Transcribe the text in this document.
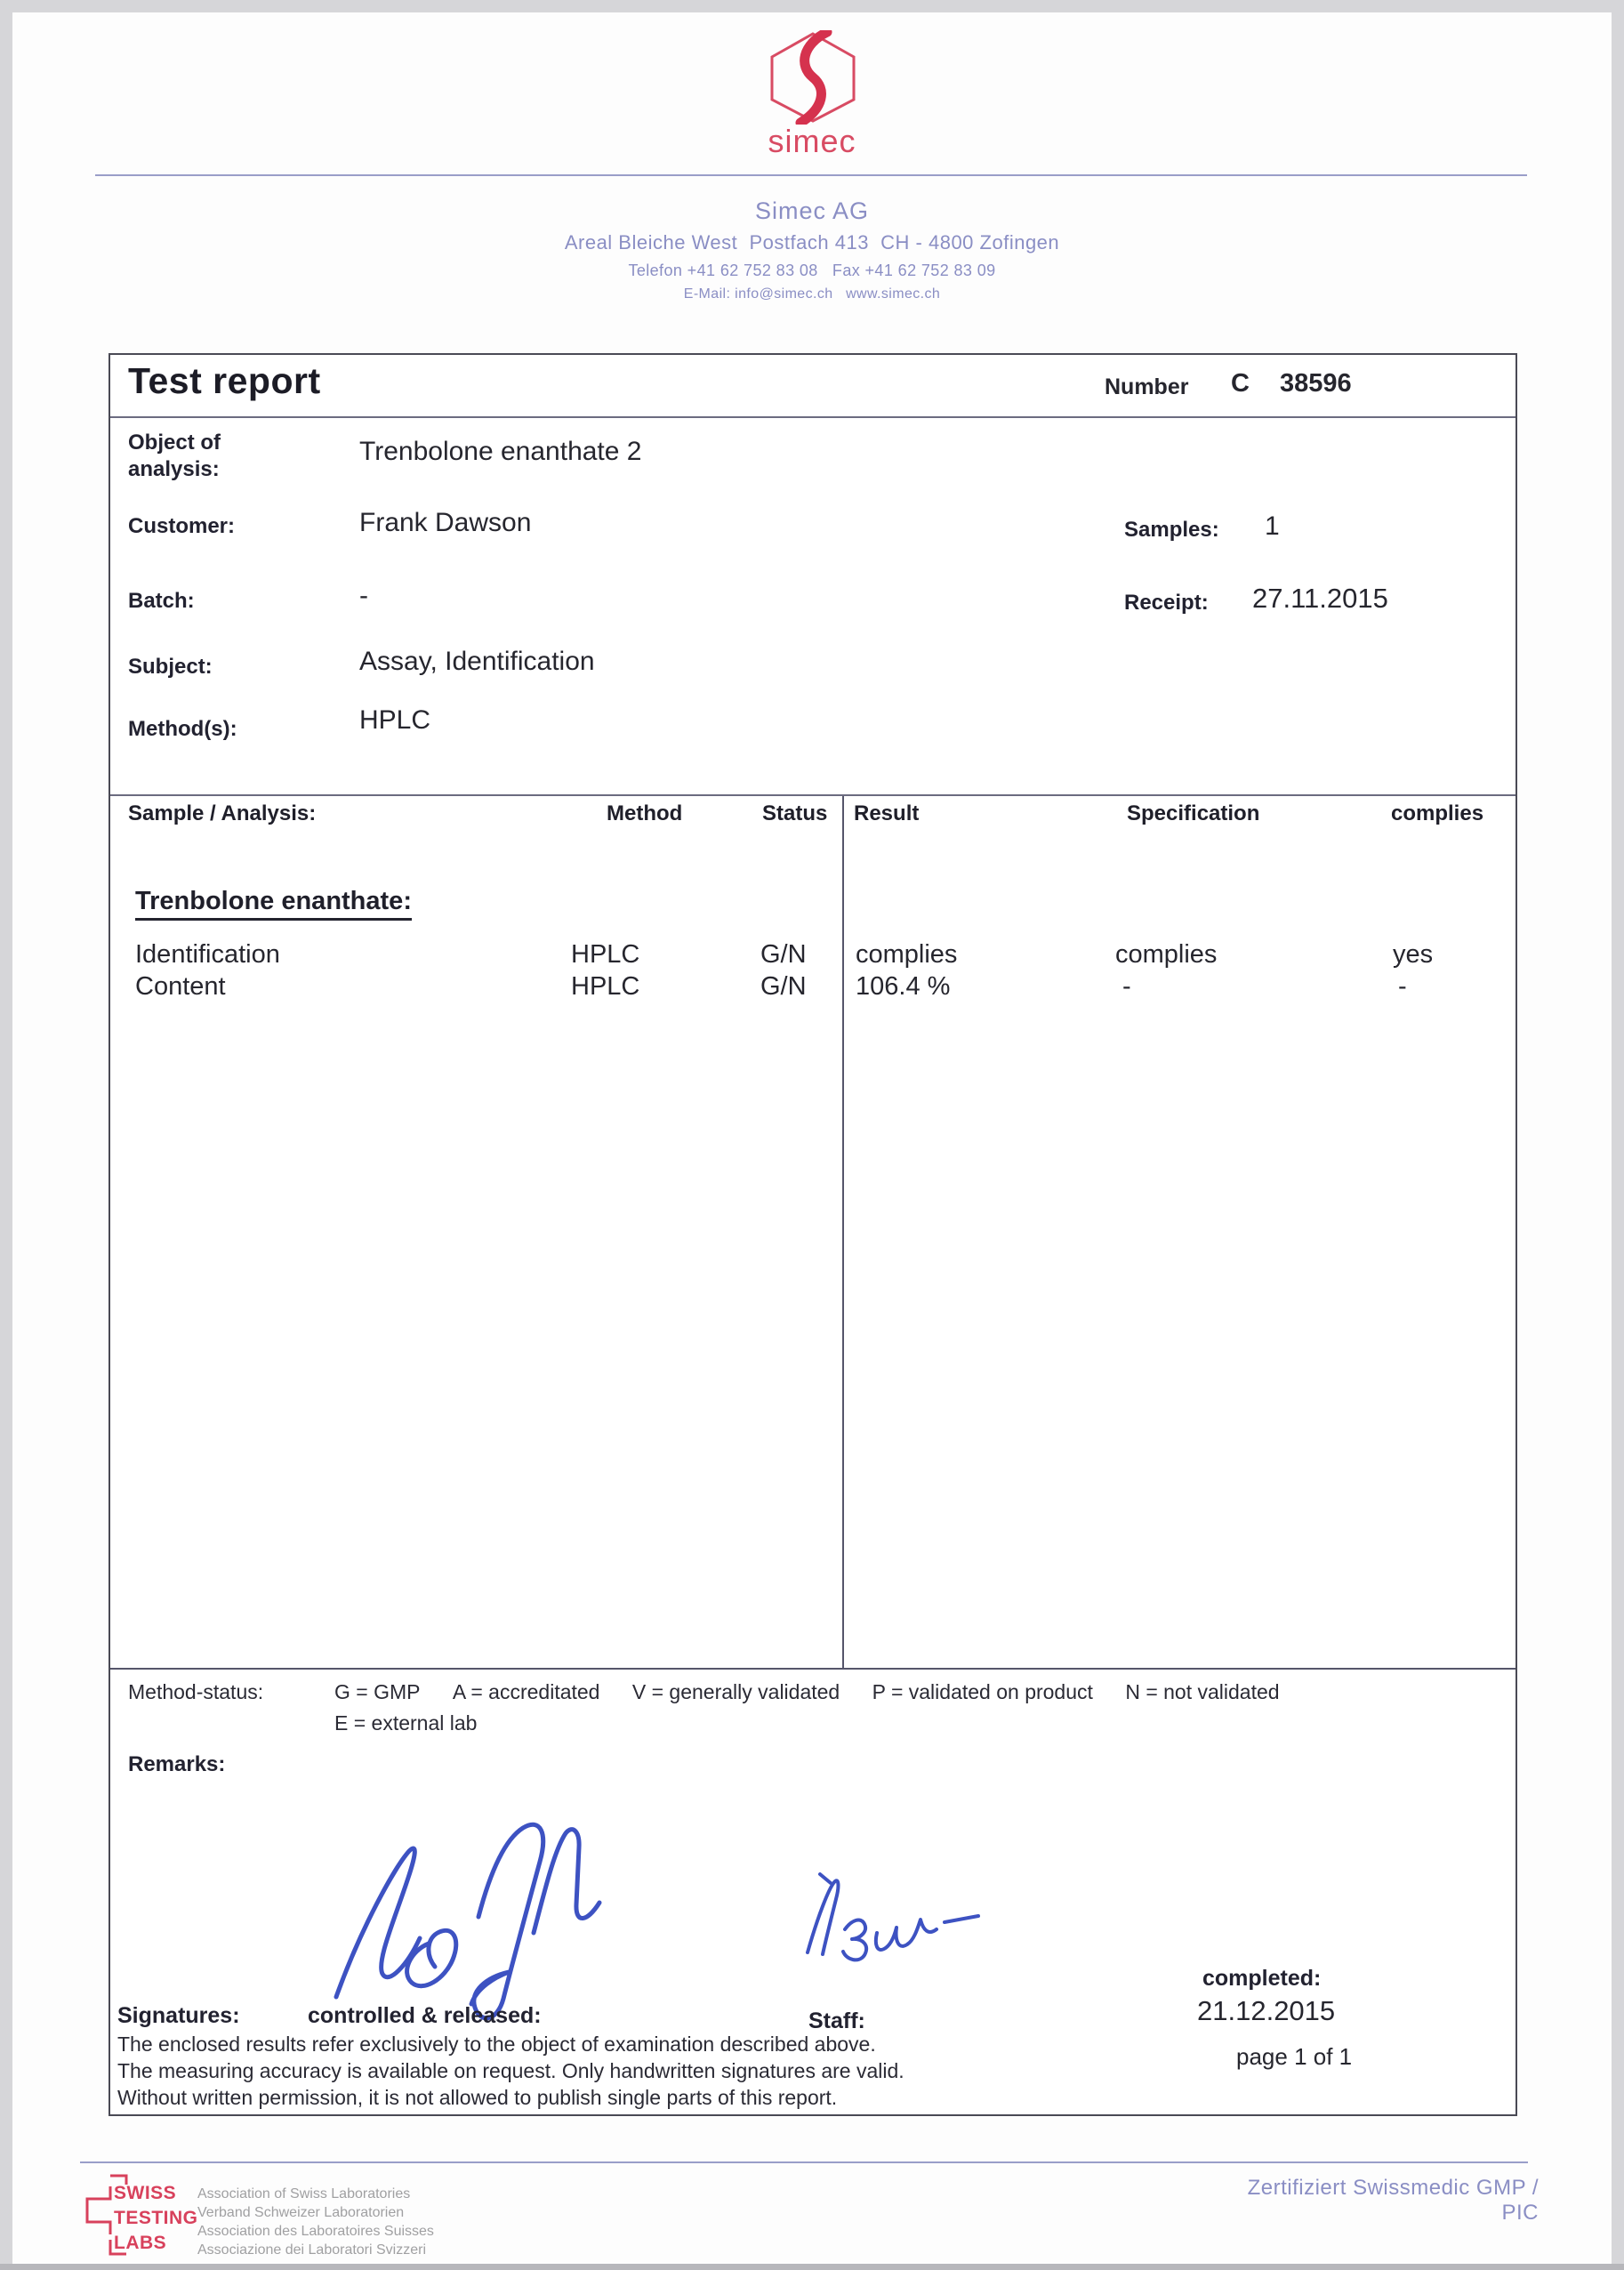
simec
Simec AG
Areal Bleiche West  Postfach 413  CH - 4800 Zofingen
Telefon +41 62 752 83 08   Fax +41 62 752 83 09
E-Mail: info@simec.ch   www.simec.ch
Test report	Number C 38596
Object of
analysis:
Trenbolone enanthate 2
Customer:	Frank Dawson	Samples: 1
Batch:	-	Receipt: 27.11.2015
Subject:	Assay, Identification
Method(s):	HPLC
Sample / Analysis:	Method	Status Result	Specification	complies
Trenbolone enanthate:
Identification	HPLC	G/N complies	complies	yes
Content	HPLC	G/N 106.4 %	-	-
Method-status:	G = GMP A = accreditated V = generally validated P = validated on product N = not validated
E = external lab
Remarks:
Signatures:	controlled & released:	Staff:
The enclosed results refer exclusively to the object of examination described above.
The measuring accuracy is available on request. Only handwritten signatures are valid.
Without written permission, it is not allowed to publish single parts of this report.
completed:
21.12.2015
page 1 of 1
SWISS
TESTING
LABS
Association of Swiss Laboratories
Verband Schweizer Laboratorien
Association des Laboratoires Suisses
Associazione dei Laboratori Svizzeri
Zertifiziert Swissmedic GMP / PIC
